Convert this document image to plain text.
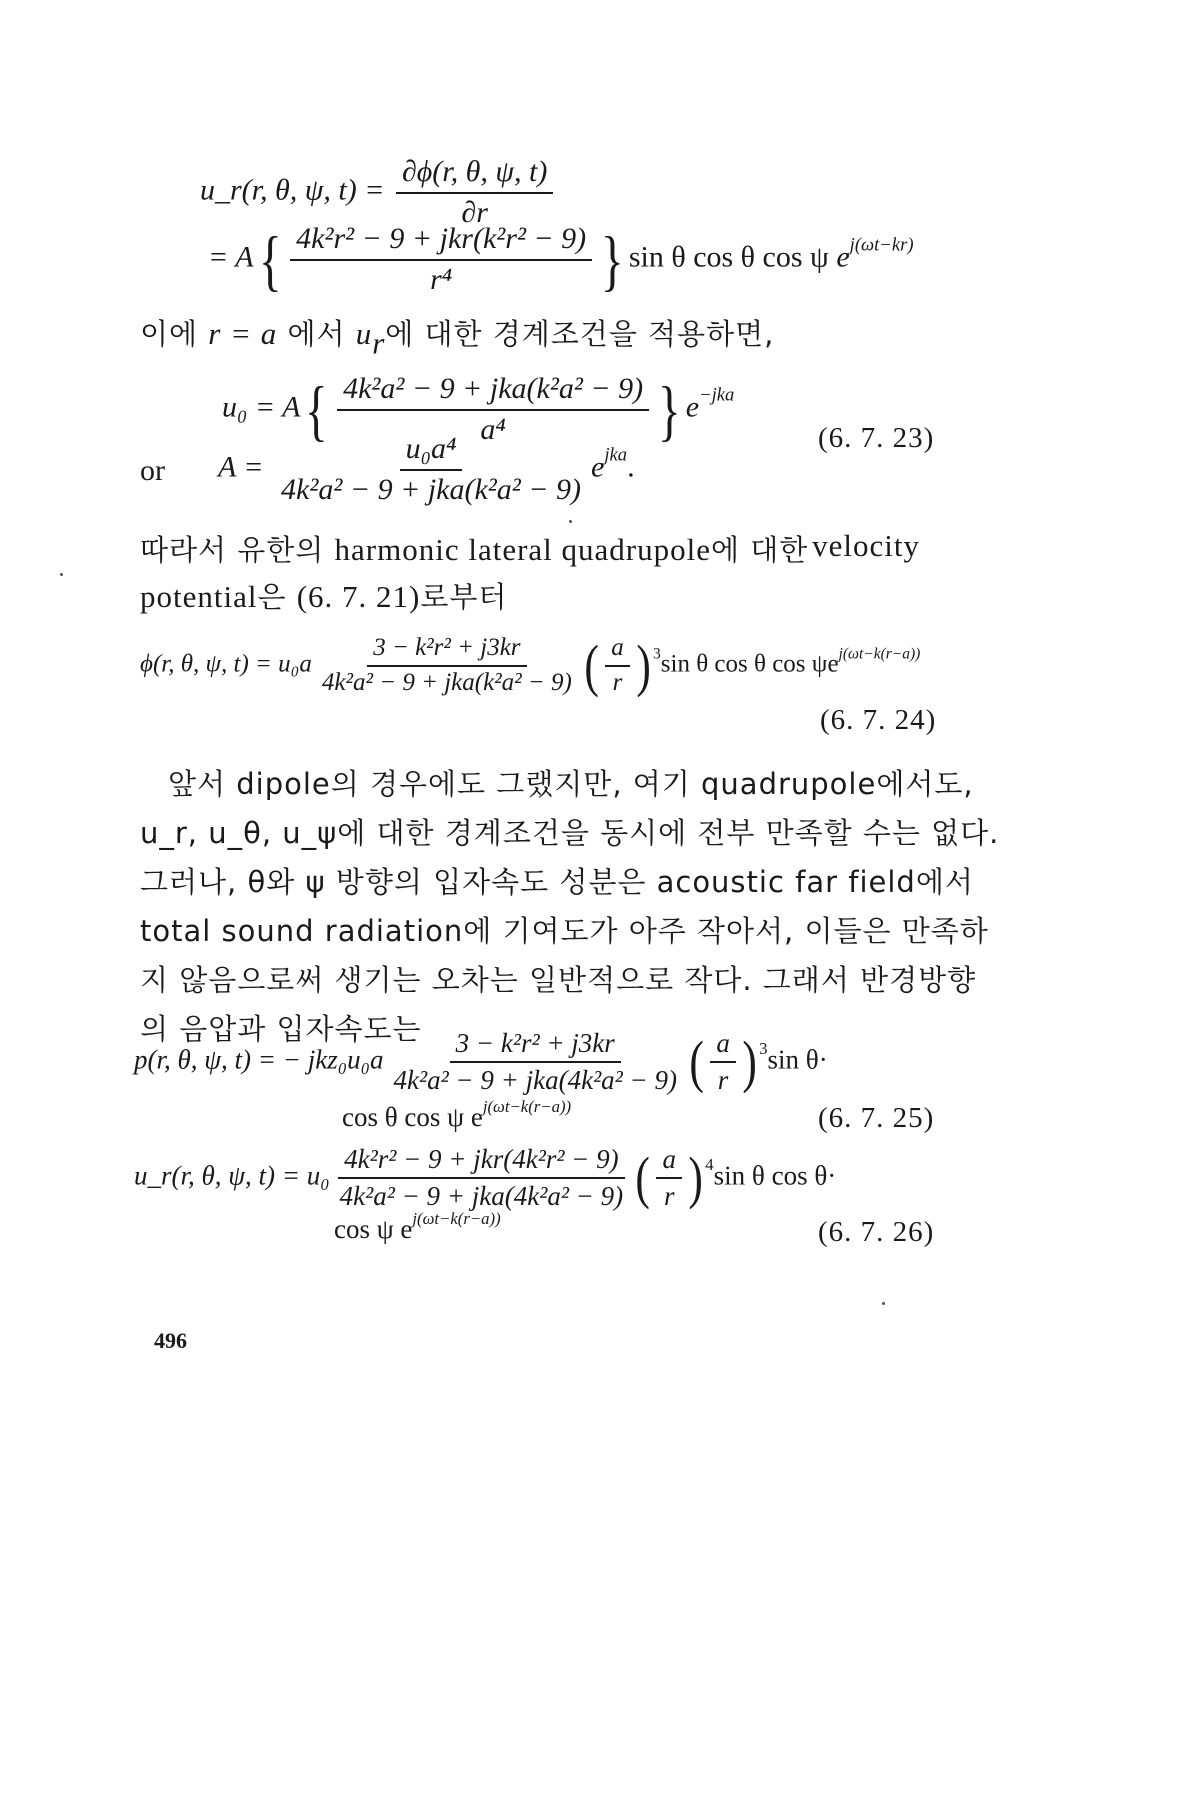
u_r(r, θ, ψ, $t) = \frac{\partial\phi(r, \theta, \psi, t)}{\partial r}$
= $A\{ \frac{\text{4k²r² − 9 + jkr(k²r² − 9)}}{\text{r⁴}}$ } sin θ cos θ cos ψ $e^{j(\omega t-kr)}$
이에 r = a 에서 $u_r$에 대한 경계조건을 적용하면,
$u_0 = A\{ \frac{\text{4k²a² − 9 + jka(k²a² − 9)}}{\text{a⁴}}$ } $e^{-jka}$
or $A = \frac{\text{u₀a⁴}}{\text{4k²a² − 9 + jka(k²a² − 9)}} e^{jka}$.
(6. 7. 23)
따라서 유한의 harmonic lateral quadrupole에 대한 velocity
potential은 (6. 7. 21)로부터
ϕ(r, θ, ψ, $t) = u_0a \frac{\text{3 − k²r² + j3kr}}{\text{4k²a² − 9 + jka(k²a² − 9)}}$ ( $\frac{a}{r}$ ) $^3$sin θ cos θ $\cos \psi e^{j(\omega t-k(r-a))}$
(6. 7. 24)
앞서 dipole의 경우에도 그랬지만, 여기 quadrupole에서도,
u_r, u_θ, u_ψ에 대한 경계조건을 동시에 전부 만족할 수는 없다.
그러나, θ와 ψ 방향의 입자속도 성분은 acoustic far field에서
total sound radiation에 기여도가 아주 작아서, 이들은 만족하
지 않음으로써 생기는 오차는 일반적으로 작다. 그래서 반경방향
의 음압과 입자속도는
p(r, θ, ψ, t) = − $jkz_0u_0a \frac{\text{3 − k²r² + j3kr}}{\text{4k²a² − 9 + jka(4k²a² − 9)}}$ ( $\frac{a}{r}$ ) $^3$sin θ·
cos θ cos ψ $e^{j(\omega t-k(r-a))}$	(6. 7. 25)
u_r(r, θ, ψ, $t) = u_0 \frac{\text{4k²r² − 9 + jkr(4k²r² − 9)}}{\text{4k²a² − 9 + jka(4k²a² − 9)}}$ ( $\frac{a}{r}$ ) $^4$sin θ cos θ·
cos ψ $e^{j(\omega t-k(r-a))}$	(6. 7. 26)
496
